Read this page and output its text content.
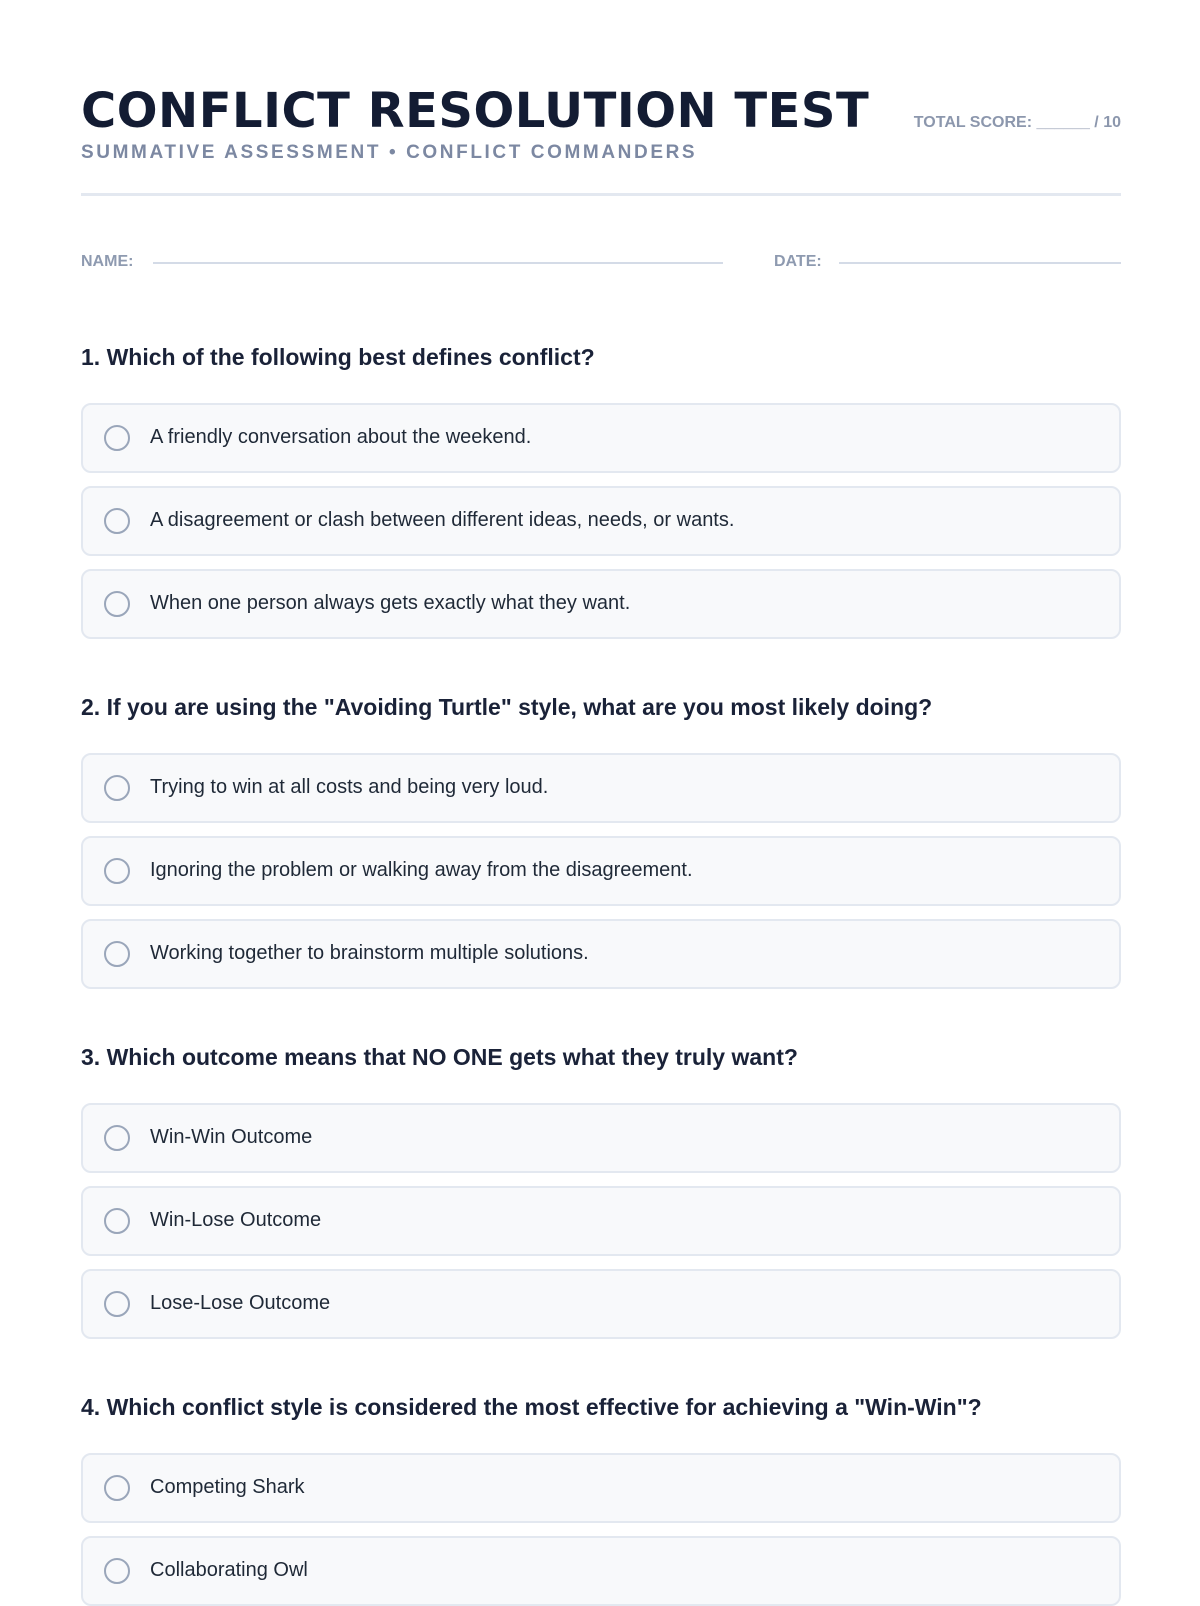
CONFLICT RESOLUTION TEST
SUMMATIVE ASSESSMENT • CONFLICT COMMANDERS
TOTAL SCORE: ______ / 10
NAME:	DATE:

1. Which of the following best defines conflict?

A friendly conversation about the weekend.
A disagreement or clash between different ideas, needs, or wants.
When one person always gets exactly what they want.

2. If you are using the "Avoiding Turtle" style, what are you most likely doing?

Trying to win at all costs and being very loud.
Ignoring the problem or walking away from the disagreement.
Working together to brainstorm multiple solutions.

3. Which outcome means that NO ONE gets what they truly want?

Win-Win Outcome
Win-Lose Outcome
Lose-Lose Outcome

4. Which conflict style is considered the most effective for achieving a "Win-Win"?

Competing Shark
Collaborating Owl
